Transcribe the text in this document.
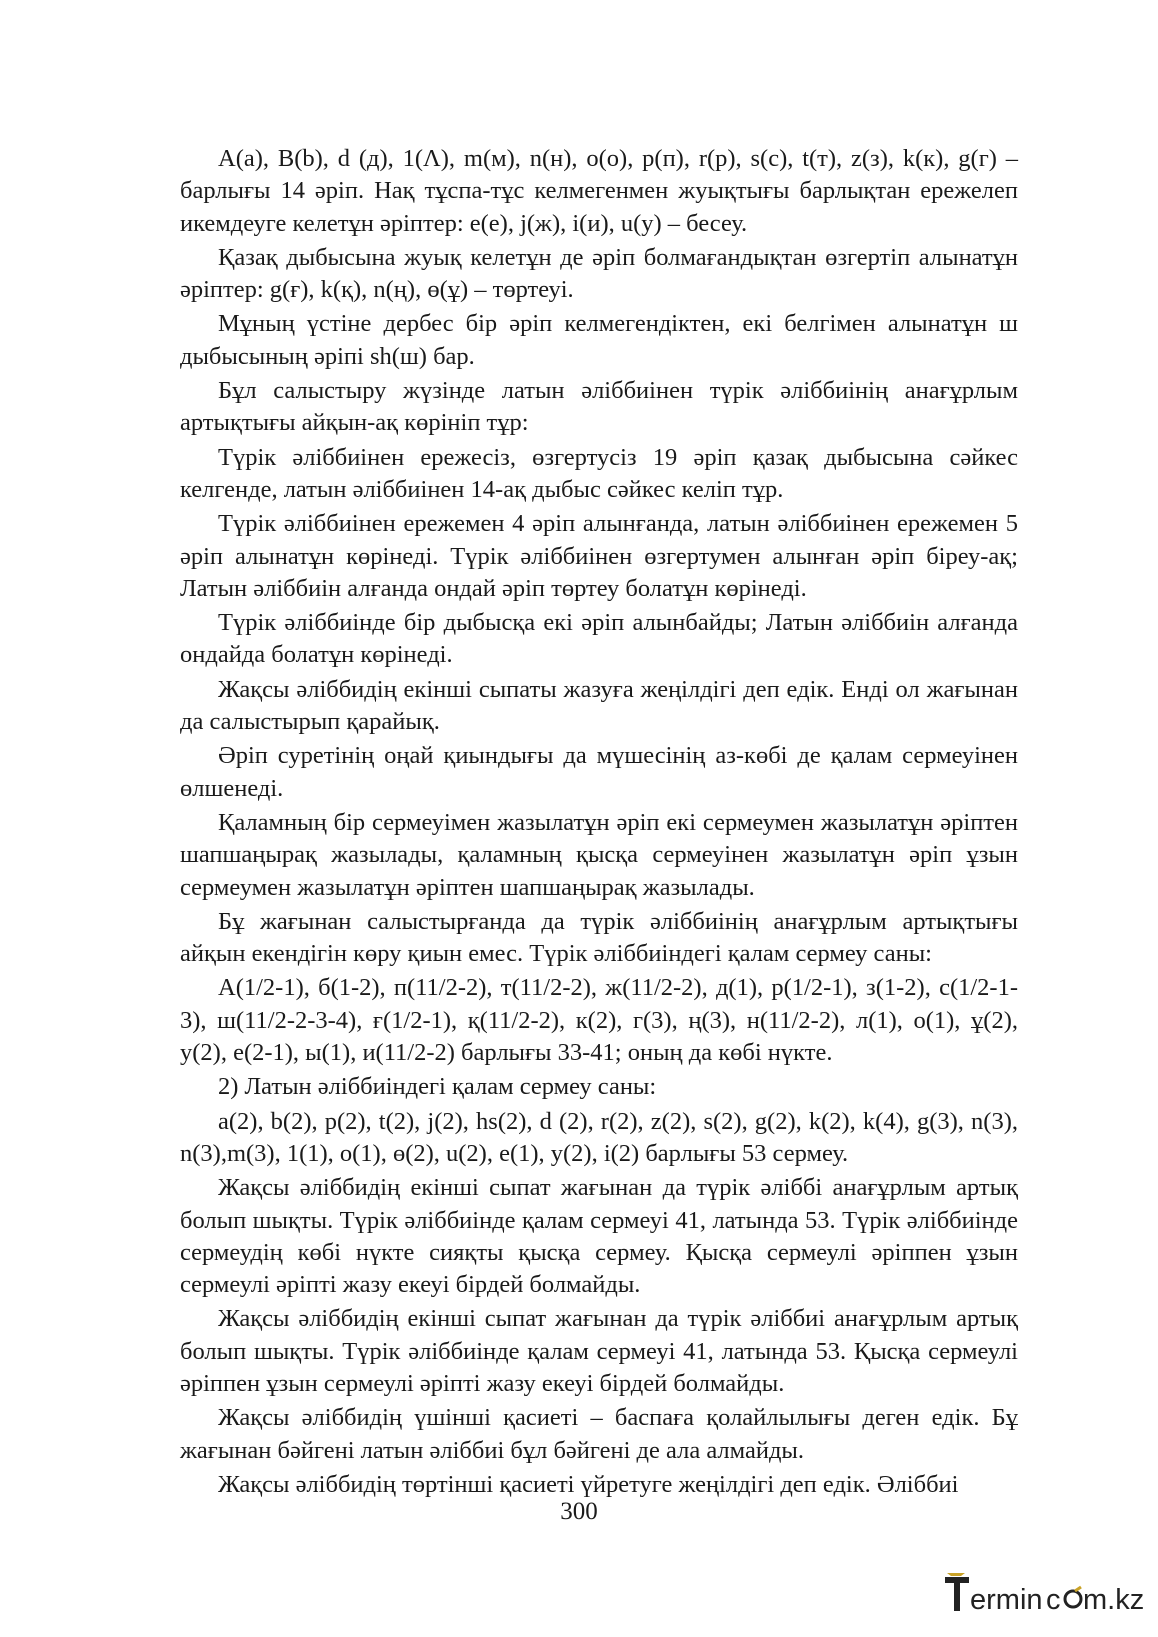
A(a), B(b), d (д), 1(Λ), m(м), n(н), o(o), p(п), r(р), s(с), t(т), z(з), k(к), g(г) – барлығы 14 әріп. Нақ тұспа-тұс келмегенмен жуықтығы барлықтан ережелеп икемдеуге келетұн әріптер: е(е), j(ж), i(и), u(у) – бесеу.

Қазақ дыбысына жуық келетұн де әріп болмағандықтан өзгертіп алынатұн әріптер: g(ғ), k(қ), n(ң), ө(ұ) – төртеуі.

Мұның үстіне дербес бір әріп келмегендіктен, екі белгімен алынатұн ш дыбысының әріпі sh(ш) бар.

Бұл салыстыру жүзінде латын әліббиінен түрік әліббиінің анағұрлым артықтығы айқын-ақ көрініп тұр:

Түрік әліббиінен ережесіз, өзгертусіз 19 әріп қазақ дыбысына сәйкес келгенде, латын әліббиінен 14-ақ дыбыс сәйкес келіп тұр.

Түрік әліббиінен ережемен 4 әріп алынғанда, латын әліббиінен ережемен 5 әріп алынатұн көрінеді. Түрік әліббиінен өзгертумен алынған әріп біреу-ақ; Латын әліббиін алғанда ондай әріп төртеу болатұн көрінеді.

Түрік әліббиінде бір дыбысқа екі әріп алынбайды; Латын әліббиін алғанда ондайда болатұн көрінеді.

Жақсы әліббидің екінші сыпаты жазуға жеңілдігі деп едік. Енді ол жағынан да салыстырып қарайық.

Әріп суретінің оңай қиындығы да мүшесінің аз-көбі де қалам сермеуінен өлшенеді.

Қаламның бір сермеуімен жазылатұн әріп екі сермеумен жазылатұн әріптен шапшаңырақ жазылады, қаламның қысқа сермеуінен жазылатұн әріп ұзын сермеумен жазылатұн әріптен шапшаңырақ жазылады.

Бұ жағынан салыстырғанда да түрік әліббиінің анағұрлым артықтығы айқын екендігін көру қиын емес. Түрік әліббиіндегі қалам сермеу саны:

А(1/2-1), б(1-2), п(11/2-2), т(11/2-2), ж(11/2-2), д(1), р(1/2-1), з(1-2), с(1/2-1-3), ш(11/2-2-3-4), ғ(1/2-1), қ(11/2-2), к(2), г(3), ң(3), н(11/2-2), л(1), о(1), ұ(2), у(2), е(2-1), ы(1), и(11/2-2) барлығы 33-41; оның да көбі нүкте.

2) Латын әліббиіндегі қалам сермеу саны:

a(2), b(2), p(2), t(2), j(2), hs(2), d (2), r(2), z(2), s(2), g(2), k(2), k(4), g(3), n(3), n(3),m(3), 1(1), o(1), ө(2), u(2), e(1), y(2), i(2) барлығы 53 сермеу.

Жақсы әліббидің екінші сыпат жағынан да түрік әліббі анағұрлым артық болып шықты. Түрік әліббиінде қалам сермеуі 41, латында 53. Түрік әліббиінде сермеудің көбі нүкте сияқты қысқа сермеу. Қысқа сермеулі әріппен ұзын сермеулі әріпті жазу екеуі бірдей болмайды.

Жақсы әліббидің екінші сыпат жағынан да түрік әліббиі анағұрлым артық болып шықты. Түрік әліббиінде қалам сермеуі 41, латында 53. Қысқа сермеулі әріппен ұзын сермеулі әріпті жазу екеуі бірдей болмайды.

Жақсы әліббидің үшінші қасиеті – баспаға қолайлылығы деген едік. Бұ жағынан бәйгені латын әліббиі бұл бәйгені де ала алмайды.

Жақсы әліббидің төртінші қасиеті үйретуге жеңілдігі деп едік. Әліббиі

300
ermin c m.kz
